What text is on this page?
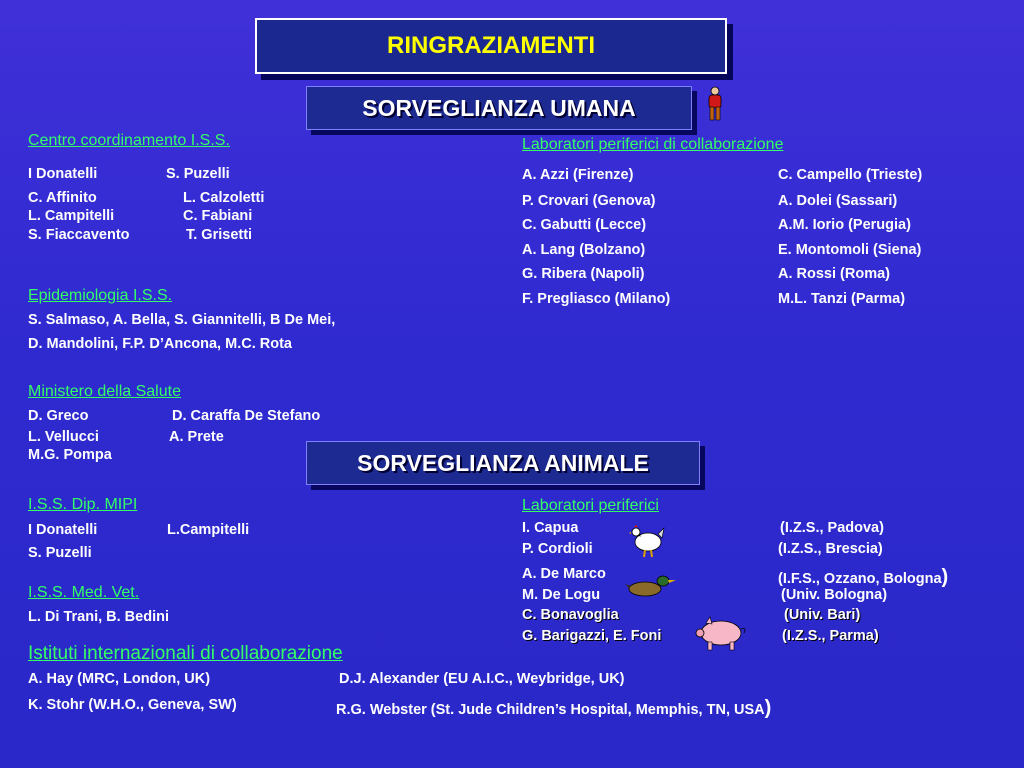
RINGRAZIAMENTI
SORVEGLIANZA UMANA
Centro coordinamento I.S.S.
I Donatelli	S. Puzelli
C. Affinito	L. Calzoletti
L. Campitelli	C. Fabiani
S. Fiaccavento	T. Grisetti
Epidemiologia I.S.S.
S. Salmaso, A. Bella, S. Giannitelli, B De Mei,
D. Mandolini, F.P. D’Ancona, M.C. Rota
Ministero della Salute
D. Greco	D. Caraffa De Stefano
L. Vellucci	A. Prete
M.G. Pompa
Laboratori periferici di collaborazione
A. Azzi (Firenze)	C. Campello (Trieste)
P. Crovari (Genova)	A. Dolei (Sassari)
C. Gabutti (Lecce)	A.M. Iorio (Perugia)
A. Lang (Bolzano)	E. Montomoli (Siena)
G. Ribera (Napoli)	A. Rossi (Roma)
F. Pregliasco (Milano)	M.L. Tanzi (Parma)
SORVEGLIANZA ANIMALE
I.S.S. Dip. MIPI
I Donatelli	L.Campitelli
S. Puzelli
I.S.S. Med. Vet.
L. Di Trani, B. Bedini
Laboratori periferici
I. Capua	(I.Z.S., Padova)
P. Cordioli	(I.Z.S., Brescia)
A. De Marco	(I.F.S., Ozzano, Bologna)
M. De Logu	(Univ. Bologna)
C. Bonavoglia	(Univ. Bari)
G. Barigazzi, E. Foni	(I.Z.S., Parma)
Istituti internazionali di collaborazione
A. Hay (MRC, London, UK)	D.J. Alexander (EU A.I.C., Weybridge, UK)
K. Stohr (W.H.O., Geneva, SW)	R.G. Webster (St. Jude Children’s Hospital, Memphis, TN, USA)
